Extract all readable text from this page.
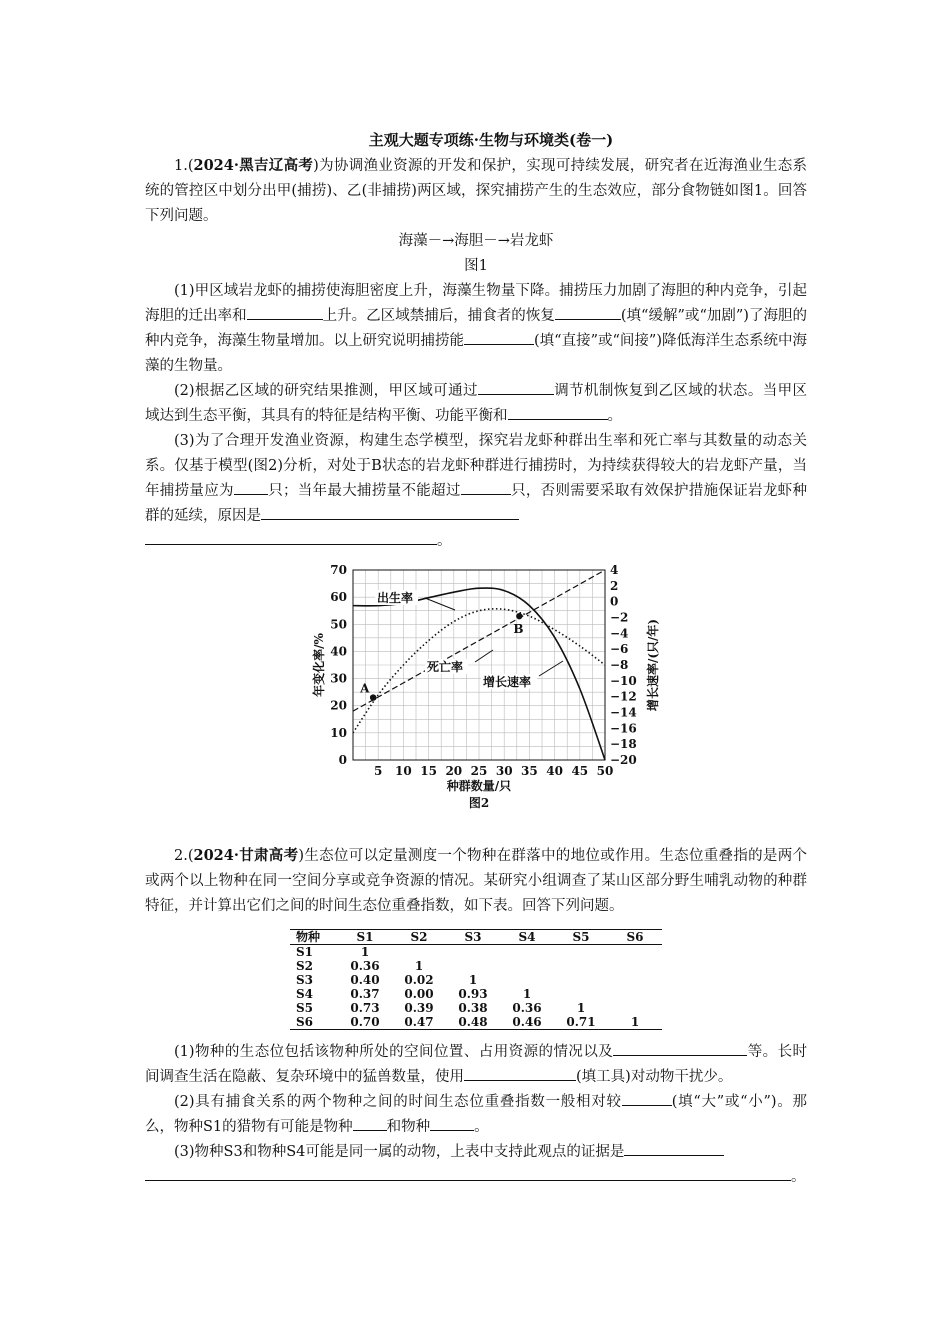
主观大题专项练·生物与环境类(卷一)

1.(2024·黑吉辽高考)为协调渔业资源的开发和保护，实现可持续发展，研究者在近海渔业生态系统的管控区中划分出甲(捕捞)、乙(非捕捞)两区域，探究捕捞产生的生态效应，部分食物链如图1。回答下列问题。

海藻－→海胆－→岩龙虾

图1

(1)甲区域岩龙虾的捕捞使海胆密度上升，海藻生物量下降。捕捞压力加剧了海胆的种内竞争，引起海胆的迁出率和	上升。乙区域禁捕后，捕食者的恢复	(填“缓解”或“加剧”)了海胆的种内竞争，海藻生物量增加。以上研究说明捕捞能	(填“直接”或“间接”)降低海洋生态系统中海藻的生物量。

(2)根据乙区域的研究结果推测，甲区域可通过	调节机制恢复到乙区域的状态。当甲区域达到生态平衡，其具有的特征是结构平衡、功能平衡和	。

(3)为了合理开发渔业资源，构建生态学模型，探究岩龙虾种群出生率和死亡率与其数量的动态关系。仅基于模型(图2)分析，对处于B状态的岩龙虾种群进行捕捞时，为持续获得较大的岩龙虾产量，当年捕捞量应为 只；当年最大捕捞量不能超过	只，否则需要采取有效保护措施保证岩龙虾种群的延续，原因是
。

5 10 15 20 25 30 35 40 45 50
0
10
20
30
40
50
60
70	4
2
0
−2
−4
−6
−8
−10
−12
−14
−16
−18
−20
种群数量/只
年变化率/%	增长速率/(只/年)
图2
A
B
出生率
死亡率
增长速率

2.(2024·甘肃高考)生态位可以定量测度一个物种在群落中的地位或作用。生态位重叠指的是两个或两个以上物种在同一空间分享或竞争资源的情况。某研究小组调查了某山区部分野生哺乳动物的种群特征，并计算出它们之间的时间生态位重叠指数，如下表。回答下列问题。

物种	S1	S2	S3	S4	S5	S6
S1	1					
S2	0.36	1				
S3	0.40	0.02	1			
S4	0.37	0.00	0.93	1		
S5	0.73	0.39	0.38	0.36	1	
S6	0.70	0.47	0.48	0.46	0.71	1

(1)物种的生态位包括该物种所处的空间位置、占用资源的情况以及	等。长时间调查生活在隐蔽、复杂环境中的猛兽数量，使用	(填工具)对动物干扰少。

(2)具有捕食关系的两个物种之间的时间生态位重叠指数一般相对较	(填“大”或“小”)。那么，物种S1的猎物有可能是物种 和物种	。

(3)物种S3和物种S4可能是同一属的动物，上表中支持此观点的证据是
。
